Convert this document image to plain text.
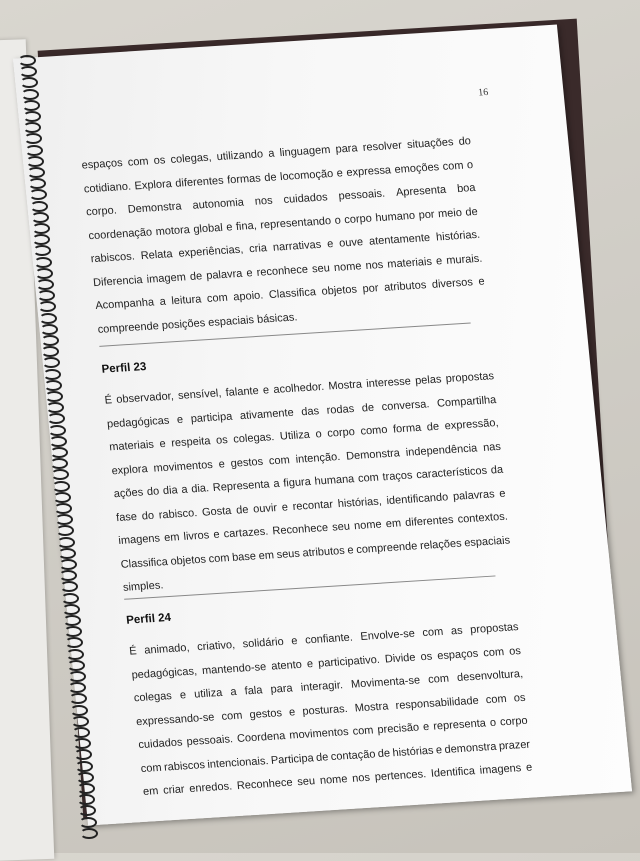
16
espaços com os colegas, utilizando a linguagem para resolver situações do
cotidiano. Explora diferentes formas de locomoção e expressa emoções com o
corpo. Demonstra autonomia nos cuidados pessoais. Apresenta boa
coordenação motora global e fina, representando o corpo humano por meio de
rabiscos. Relata experiências, cria narrativas e ouve atentamente histórias.
Diferencia imagem de palavra e reconhece seu nome nos materiais e murais.
Acompanha a leitura com apoio. Classifica objetos por atributos diversos e
compreende posições espaciais básicas.
Perfil 23
É observador, sensível, falante e acolhedor. Mostra interesse pelas propostas
pedagógicas e participa ativamente das rodas de conversa. Compartilha
materiais e respeita os colegas. Utiliza o corpo como forma de expressão,
explora movimentos e gestos com intenção. Demonstra independência nas
ações do dia a dia. Representa a figura humana com traços característicos da
fase do rabisco. Gosta de ouvir e recontar histórias, identificando palavras e
imagens em livros e cartazes. Reconhece seu nome em diferentes contextos.
Classifica objetos com base em seus atributos e compreende relações espaciais
simples.
Perfil 24
É animado, criativo, solidário e confiante. Envolve-se com as propostas
pedagógicas, mantendo-se atento e participativo. Divide os espaços com os
colegas e utiliza a fala para interagir. Movimenta-se com desenvoltura,
expressando-se com gestos e posturas. Mostra responsabilidade com os
cuidados pessoais. Coordena movimentos com precisão e representa o corpo
com rabiscos intencionais. Participa de contação de histórias e demonstra prazer
em criar enredos. Reconhece seu nome nos pertences. Identifica imagens e
